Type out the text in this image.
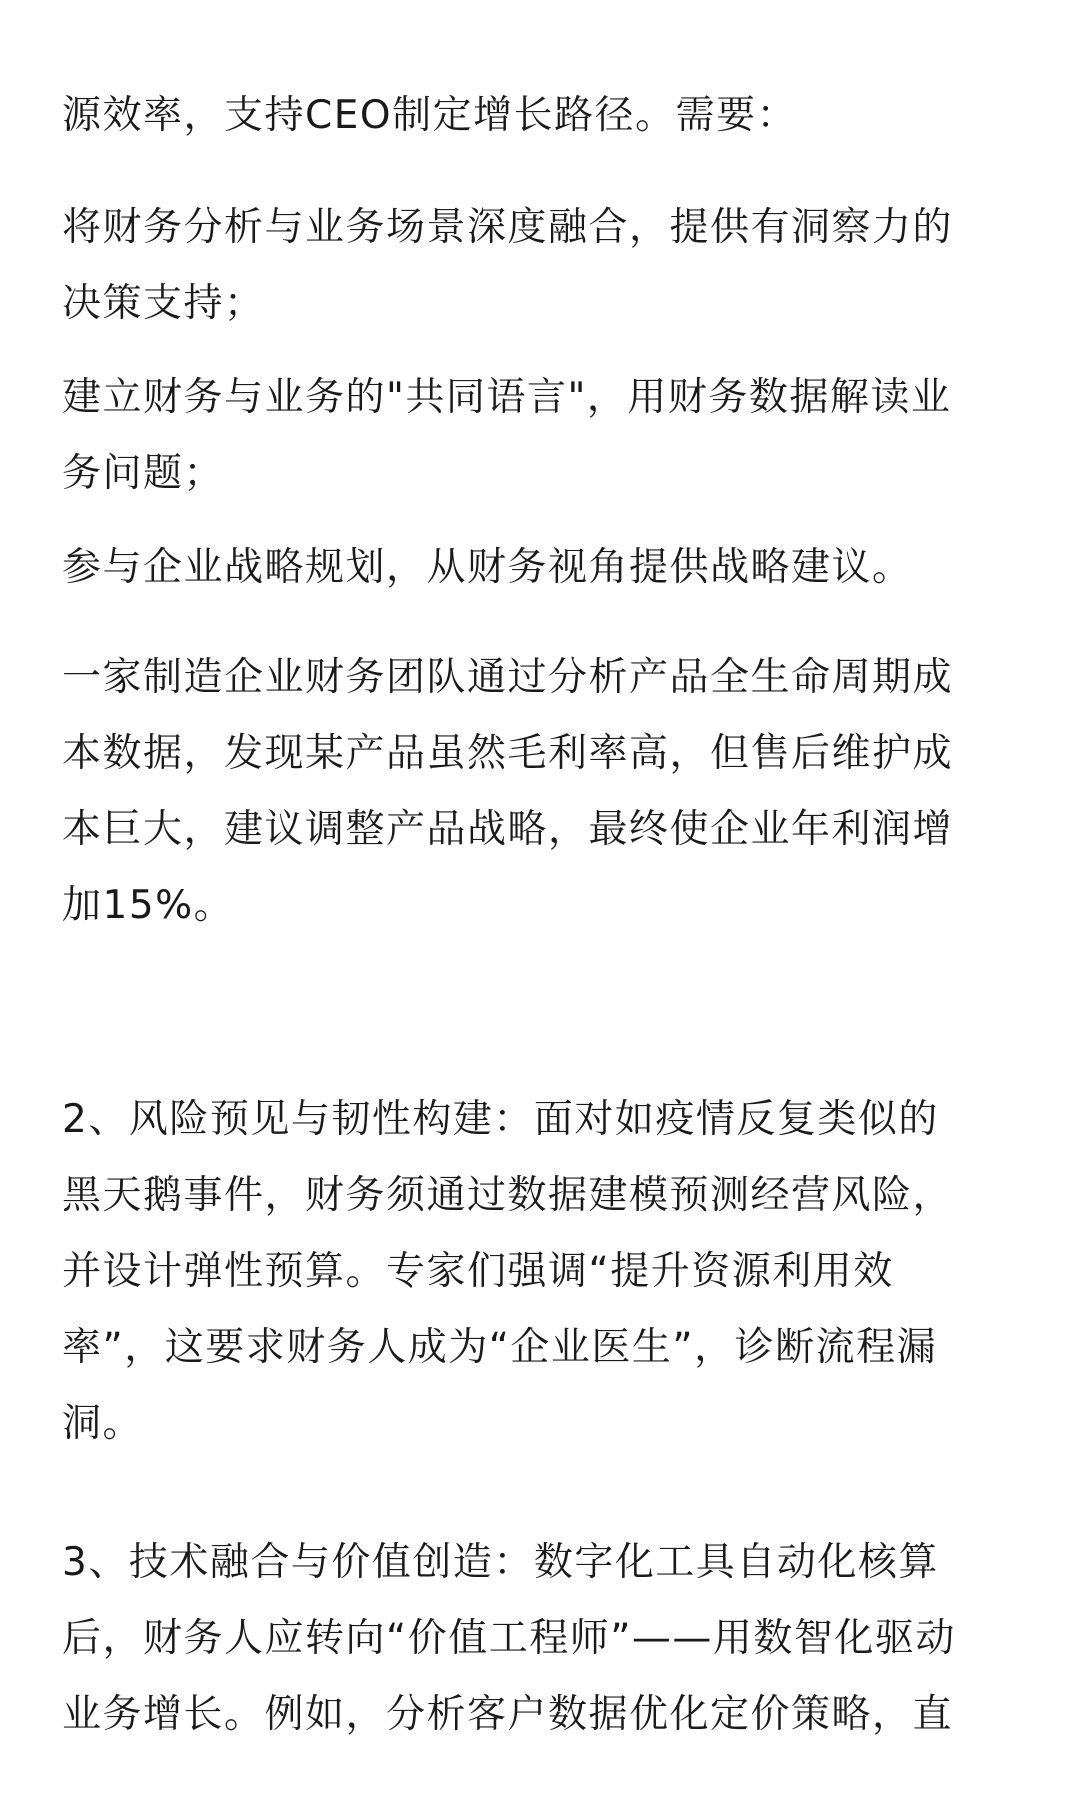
源效率，支持CEO制定增长路径。需要：

将财务分析与业务场景深度融合，提供有洞察力的
决策支持；

建立财务与业务的"共同语言"，用财务数据解读业
务问题；

参与企业战略规划，从财务视角提供战略建议。

一家制造企业财务团队通过分析产品全生命周期成
本数据，发现某产品虽然毛利率高，但售后维护成
本巨大，建议调整产品战略，最终使企业年利润增
加15%。

2、风险预见与韧性构建：面对如疫情反复类似的
黑天鹅事件，财务须通过数据建模预测经营风险，
并设计弹性预算。专家们强调“提升资源利用效
率”，这要求财务人成为“企业医生”，诊断流程漏
洞。

3、技术融合与价值创造：数字化工具自动化核算
后，财务人应转向“价值工程师”——用数智化驱动
业务增长。例如，分析客户数据优化定价策略，直
